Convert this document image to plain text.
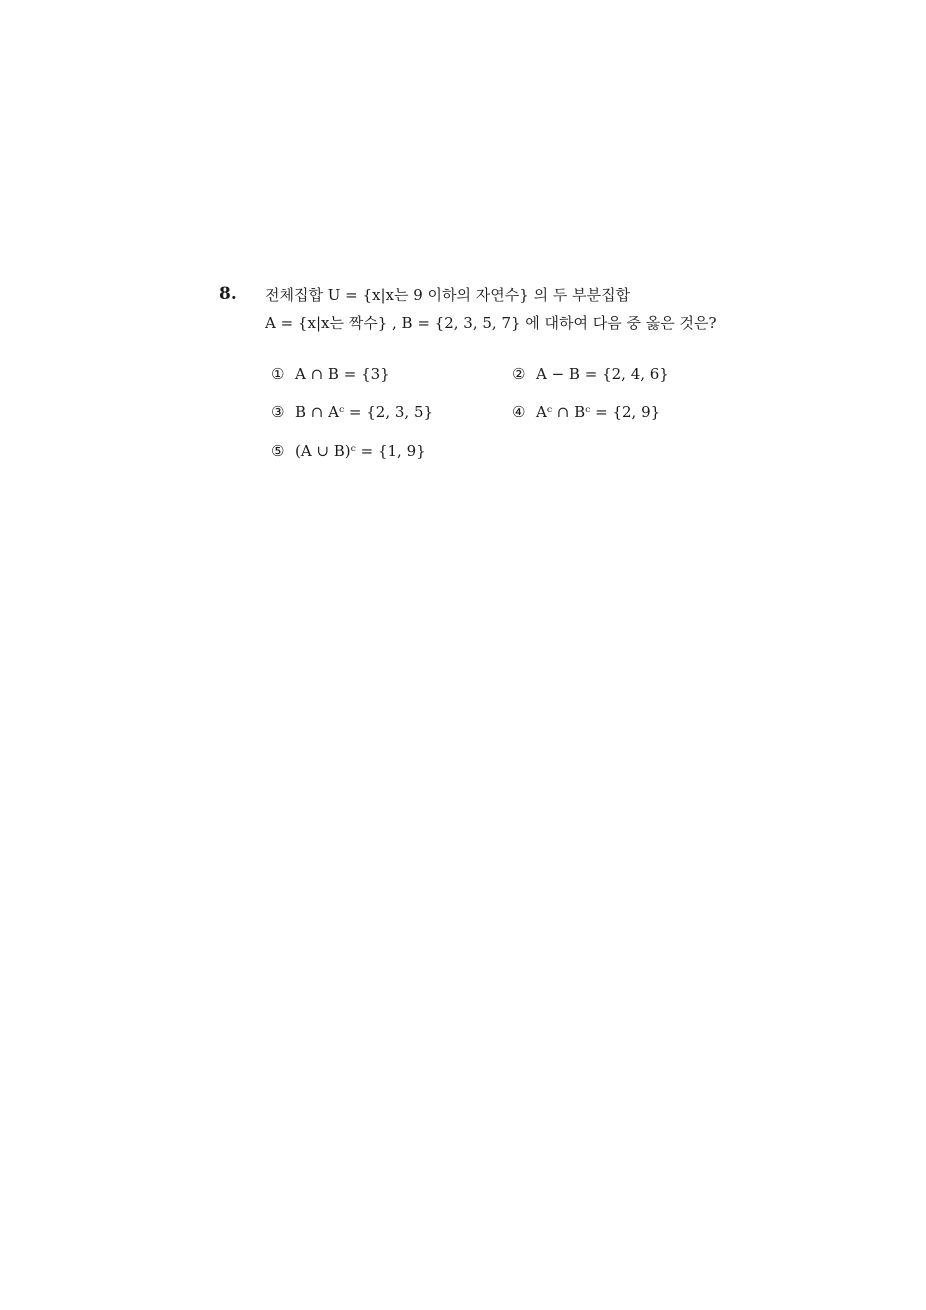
8. 전체집합 U = {x|x는 9 이하의 자연수} 의 두 부분집합
A = {x|x는 짝수} , B = {2, 3, 5, 7} 에 대하여 다음 중 옳은 것은?
① A ∩ B = {3}	② A − B = {2, 4, 6}
③ B ∩ Aᶜ = {2, 3, 5}	④ Aᶜ ∩ Bᶜ = {2, 9}
⑤ (A ∪ B)ᶜ = {1, 9}
